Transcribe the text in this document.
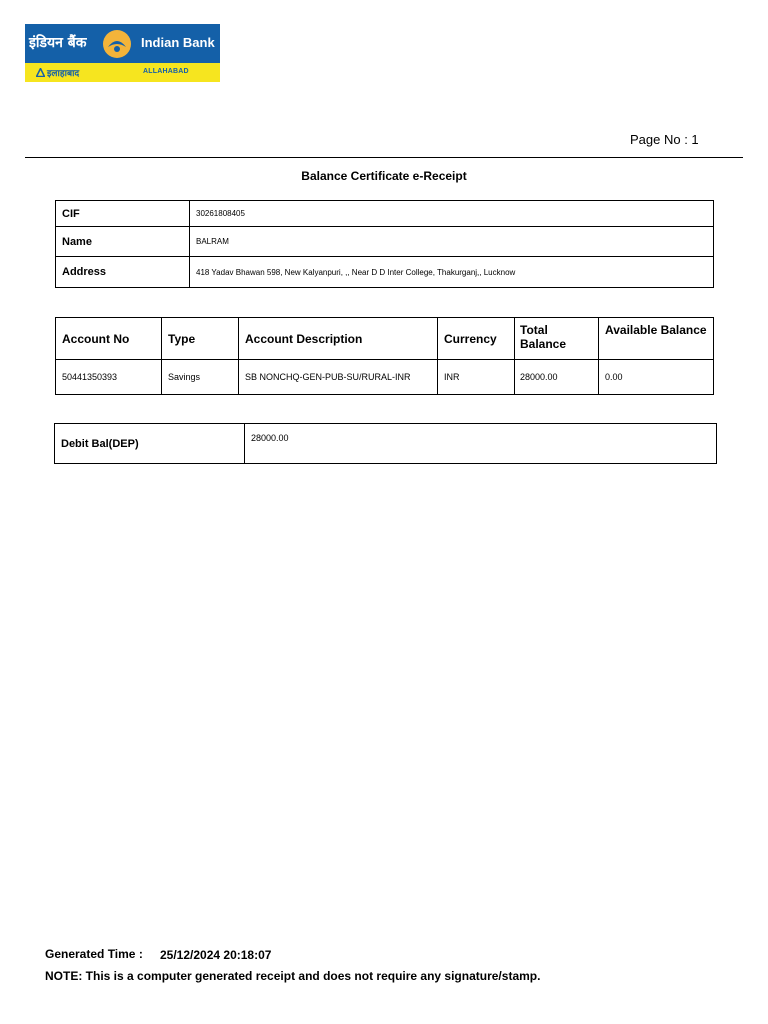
इंडियन बैंक	Indian Bank
इलाहाबाद	ALLAHABAD
Page No : 1
Balance Certificate e-Receipt
CIF	30261808405
Name	BALRAM
Address	418 Yadav Bhawan 598, New Kalyanpuri, ,, Near D D Inter College, Thakurganj,, Lucknow
Account No	Type	Account Description	Currency	Total Balance	Available Balance
50441350393	Savings	SB NONCHQ-GEN-PUB-SU/RURAL-INR	INR	28000.00	0.00
Debit Bal(DEP)	28000.00
Generated Time : 25/12/2024 20:18:07
NOTE: This is a computer generated receipt and does not require any signature/stamp.
